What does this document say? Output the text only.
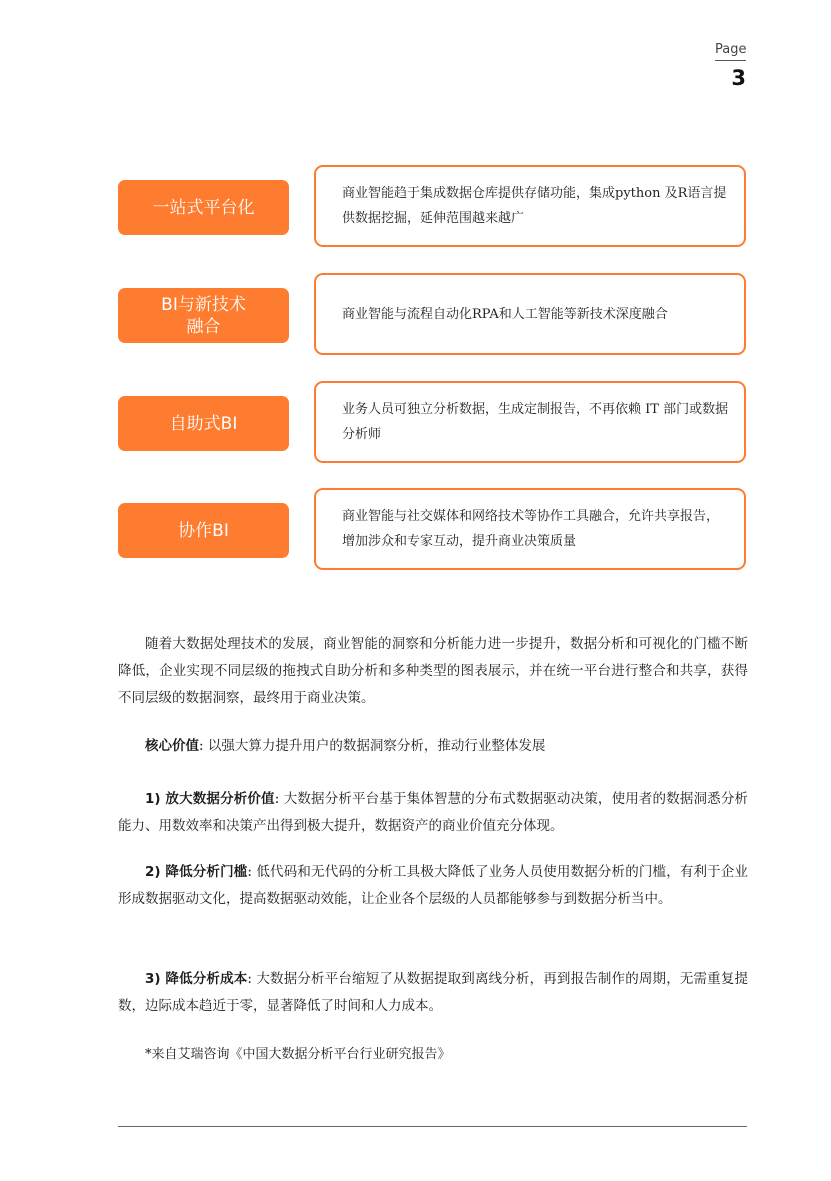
Page
3
一站式平台化
商业智能趋于集成数据仓库提供存储功能，集成python 及R语言提供数据挖掘，延伸范围越来越广
BI与新技术
融合
商业智能与流程自动化RPA和人工智能等新技术深度融合
自助式BI
业务人员可独立分析数据，生成定制报告，不再依赖 IT 部门或数据分析师
协作BI
商业智能与社交媒体和网络技术等协作工具融合，允许共享报告，增加涉众和专家互动，提升商业决策质量

随着大数据处理技术的发展，商业智能的洞察和分析能力进一步提升，数据分析和可视化的门槛不断降低，企业实现不同层级的拖拽式自助分析和多种类型的图表展示，并在统一平台进行整合和共享，获得不同层级的数据洞察，最终用于商业决策。

核心价值: 以强大算力提升用户的数据洞察分析，推动行业整体发展

1) 放大数据分析价值: 大数据分析平台基于集体智慧的分布式数据驱动决策，使用者的数据洞悉分析能力、用数效率和决策产出得到极大提升，数据资产的商业价值充分体现。

2) 降低分析门槛: 低代码和无代码的分析工具极大降低了业务人员使用数据分析的门槛，有利于企业形成数据驱动文化，提高数据驱动效能，让企业各个层级的人员都能够参与到数据分析当中。

3) 降低分析成本: 大数据分析平台缩短了从数据提取到离线分析，再到报告制作的周期，无需重复提数，边际成本趋近于零，显著降低了时间和人力成本。

*来自艾瑞咨询《中国大数据分析平台行业研究报告》
